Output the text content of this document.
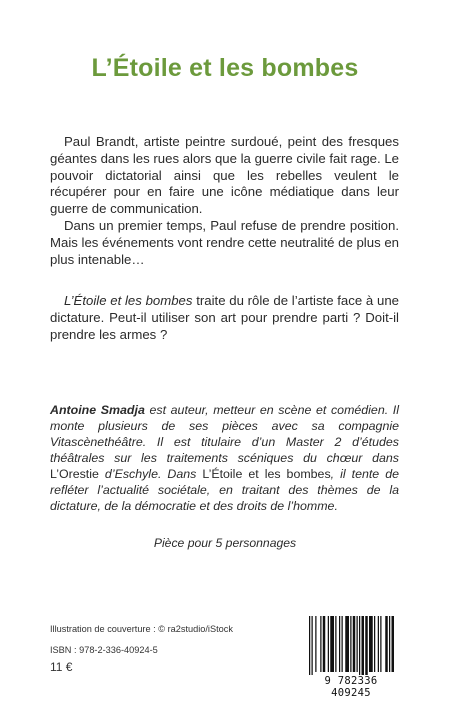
L’Étoile et les bombes

Paul Brandt, artiste peintre surdoué, peint des fresques géantes dans les rues alors que la guerre civile fait rage. Le pouvoir dictatorial ainsi que les rebelles veulent le récupérer pour en faire une icône médiatique dans leur guerre de communication.

Dans un premier temps, Paul refuse de prendre position. Mais les événements vont rendre cette neutralité de plus en plus intenable…

L’Étoile et les bombes traite du rôle de l’artiste face à une dictature. Peut-il utiliser son art pour prendre parti ? Doit-il prendre les armes ?

Antoine Smadja est auteur, metteur en scène et comédien. Il monte plusieurs de ses pièces avec sa compagnie Vitascènethéâtre. Il est titulaire d’un Master 2 d’études théâtrales sur les traitements scéniques du chœur dans L’Orestie d’Eschyle. Dans L’Étoile et les bombes, il tente de refléter l’actualité sociétale, en traitant des thèmes de la dictature, de la démocratie et des droits de l’homme.

Pièce pour 5 personnages

Illustration de couverture : © ra2studio/iStock

ISBN : 978-2-336-40924-5

11 €

9 782336 409245
